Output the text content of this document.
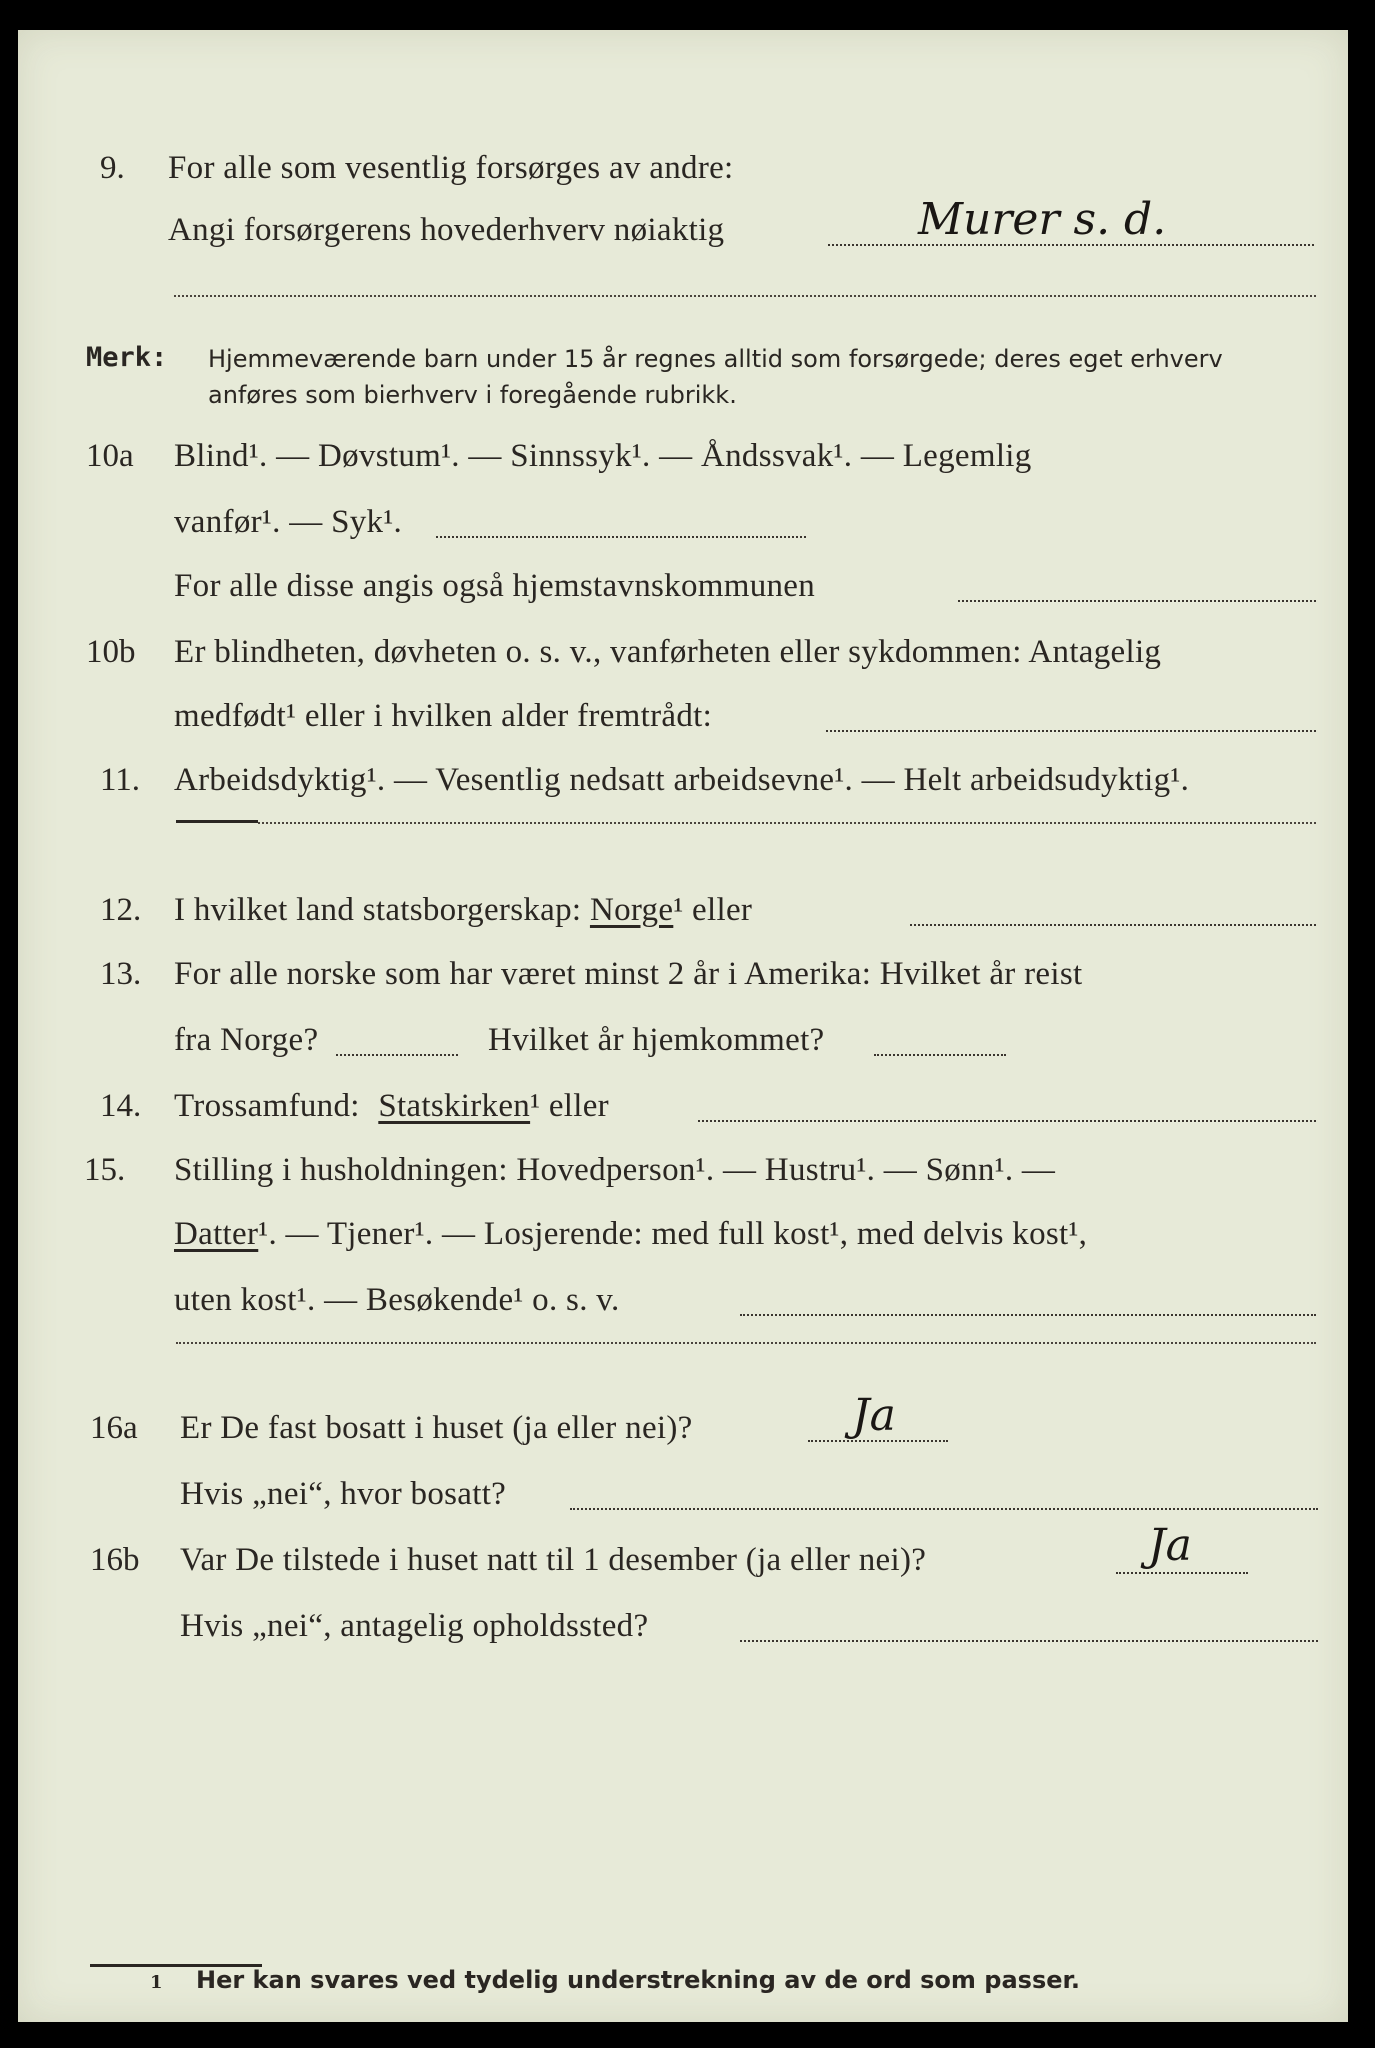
9. For alle som vesentlig forsørges av andre:
Angi forsørgerens hovederhverv nøiaktig	Murer s. d.
Merk: Hjemmeværende barn under 15 år regnes alltid som forsørgede; deres eget erhverv
anføres som bierhverv i foregående rubrikk.
10a Blind¹. — Døvstum¹. — Sinnssyk¹. — Åndssvak¹. — Legemlig
vanfør¹. — Syk¹.
For alle disse angis også hjemstavnskommunen
10b Er blindheten, døvheten o. s. v., vanførheten eller sykdommen: Antagelig
medfødt¹ eller i hvilken alder fremtrådt:
11. Arbeidsdyktig¹. — Vesentlig nedsatt arbeidsevne¹. — Helt arbeidsudyktig¹.
12. I hvilket land statsborgerskap: Norge¹ eller
13. For alle norske som har været minst 2 år i Amerika: Hvilket år reist
fra Norge?	Hvilket år hjemkommet?
14. Trossamfund: Statskirken¹ eller
15. Stilling i husholdningen: Hovedperson¹. — Hustru¹. — Sønn¹. —
Datter¹. — Tjener¹. — Losjerende: med full kost¹, med delvis kost¹,
uten kost¹. — Besøkende¹ o. s. v.
16a Er De fast bosatt i huset (ja eller nei)?	Ja
Hvis „nei“, hvor bosatt?
16b Var De tilstede i huset natt til 1 desember (ja eller nei)?	Ja
Hvis „nei“, antagelig opholdssted?
1 Her kan svares ved tydelig understrekning av de ord som passer.
